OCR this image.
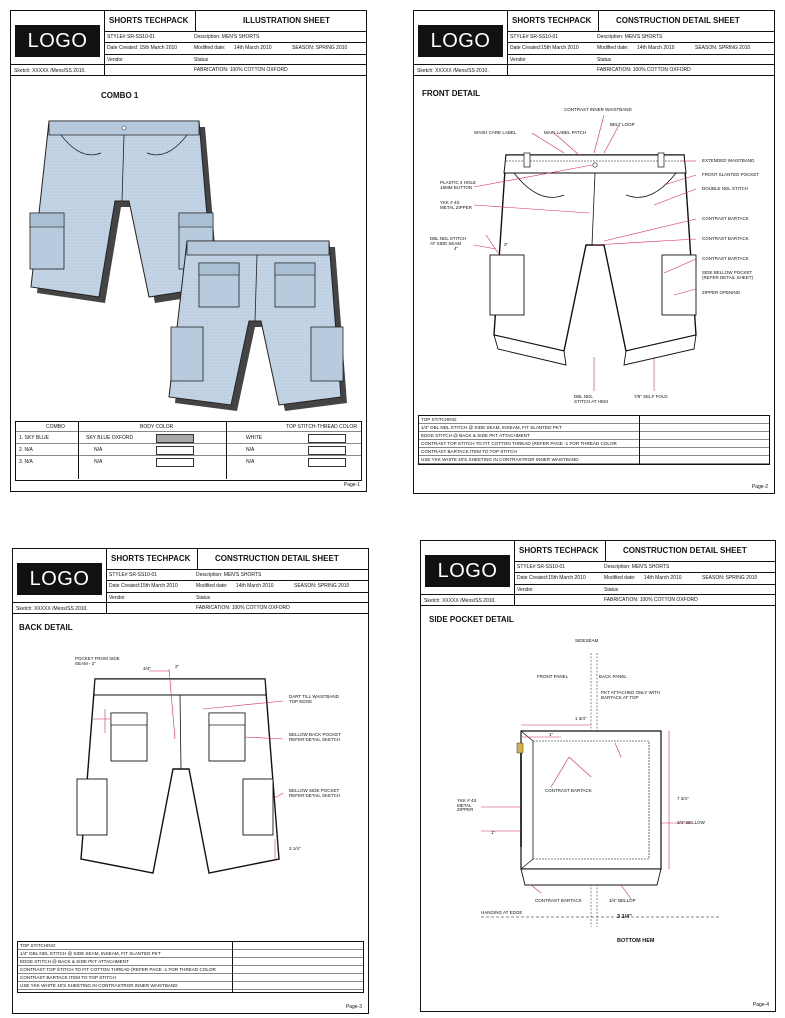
LOGO
SHORTS TECHPACK	ILLUSTRATION SHEET
STYLE# SR-SS10-01	Description: MEN'S SHORTS
Date Created: 15th March 2010	Modified date: 14th March 2010	SEASON: SPRING 2010
Vendor	Status
FABRICATION: 100% COTTON OXFORD
Sketch: XXXXX /Mens/SS 2010.
COMBO 1
COMBO	BODY COLOR	TOP STITCH-THREAD COLOR
1. SKY BLUE	SKY BLUE OXFORD	WHITE
2. N/A	N/A	N/A
3. N/A	N/A	N/A
Page-1
LOGO
SHORTS TECHPACK	CONSTRUCTION DETAIL SHEET
STYLE# SR-SS10-01	Description: MEN'S SHORTS
Date Created:15th March 2010	Modified date: 14th March 2010	SEASON: SPRING 2010
Vendor	Status
FABRICATION: 100% COTTON OXFORD
Sketch: XXXXX /Mens/SS 2010.
FRONT DETAIL
CONTRAST INNER WAISTBAND
BELT LOOP
WASH CARE LABEL	MAIN LABEL PATCH
EXTENDED WAISTBAND
FRONT SLANTED POCKET
DOUBLE NDL STITCH
PLASTIC 4 HOLE 18MM BUTTON
YKK # 4S METAL ZIPPER
CONTRAST BARTACK
CONTRAST BARTACK
DBL NDL STITCH AT SIDE SEAM
CONTRAST BARTACK
SIDE BELLOW POCKET (REFER DETAIL SHEET)
ZIPPER OPENING
4"
3"
DBL NDL STITCH AT HEM
7/8" SELF FOLD
TOP STITCHING:
1/4" DBL NDL STITCH @ SIDE SEAM, INSEAM, FIT SLANTED PKT
EDGE STITCH @ BACK & SIDE PKT ATTACHMENT
CONTRAST TOP STITCH TO FIT COTTON THREAD (REFER PAGE -1 FOR THREAD COLOR
CONTRAST BARTACK ITEM TO TOP STITCH
USE YKK WHITE 40'S SHEETING IN CONTRASTROR INNER WAISTBAND
Page-2
LOGO
SHORTS TECHPACK	CONSTRUCTION DETAIL SHEET
STYLE# SR-SS10-01	Description: MEN'S SHORTS
Date Created:15th March 2010	Modified date: 14th March 2010	SEASON: SPRING 2010
Vendor	Status
FABRICATION: 100% COTTON OXFORD
Sketch: XXXXX /Mens/SS 2010.
BACK DETAIL
POCKET FROM SIDE SEAM - 2"
3/4"	2"
DART TILL WAISTBAND TOP EDGE
BELLOW BACK POCKET REFER DETAIL SKETCH
BELLOW SIDE POCKET REFER DETAIL SKETCH
3 1/4"
TOP STITCHING:
1/4" DBL NDL STITCH @ SIDE SEAM, INSEAM, FIT SLANTED PKT
EDGE STITCH @ BACK & SIDE PKT ATTACHMENT
CONTRAST TOP STITCH TO FIT COTTON THREAD (REFER PAGE -1 FOR THREAD COLOR
CONTRAST BARTACK ITEM TO TOP STITCH
USE YKK WHITE 40'S SHEETING IN CONTRASTROR INNER WAISTBAND
Page-3
LOGO
SHORTS TECHPACK	CONSTRUCTION DETAIL SHEET
STYLE# SR-SS10-01	Description: MEN'S SHORTS
Date Created:15th March 2010	Modified date: 14th March 2010	SEASON: SPRING 2010
Vendor	Status
FABRICATION: 100% COTTON OXFORD
Sketch: XXXXX /Mens/SS 2010.
SIDE POCKET DETAIL
SIDESEAM
FRONT PANEL	BACK PANEL
PKT ATTACHED ONLY WITH BARTACK AT TOP
1 3/4"
1"
CONTRAST BARTACK
YKK # 4S METAL ZIPPER
7 3/4"
3/4" BELLOW
1"
CONTRAST BARTACK
HANGING AT EDGE
3/4" BELLOP
3 1/4"
BOTTOM HEM
Page-4
